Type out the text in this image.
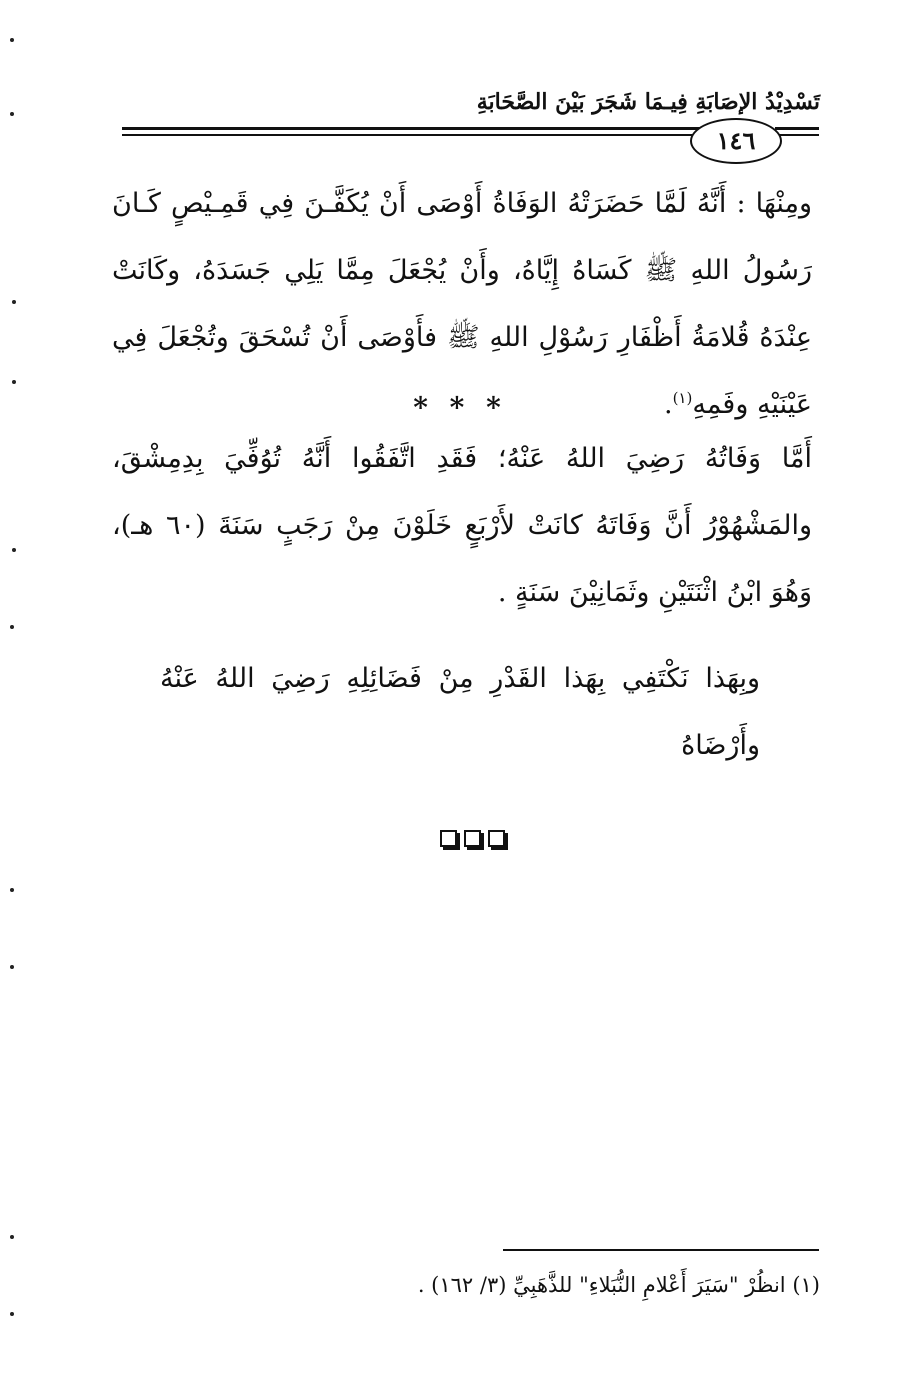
تَسْدِيْدُ الإصَابَةِ فِيـمَا شَجَرَ بَيْنَ الصَّحَابَةِ
١٤٦
ومِنْهَا : أَنَّهُ لَمَّا حَضَرَتْهُ الوَفَاةُ أَوْصَى أَنْ يُكَفَّـنَ فِي قَمِـيْصٍ كَـانَ رَسُولُ اللهِ ﷺ كَسَاهُ إِيَّاهُ، وأَنْ يُجْعَلَ مِمَّا يَلِي جَسَدَهُ، وكَانَتْ عِنْدَهُ قُلامَةُ أَظْفَارِ رَسُوْلِ اللهِ ﷺ فأَوْصَى أَنْ تُسْحَقَ وتُجْعَلَ فِي عَيْنَيْهِ وفَمِهِ$^{(١)}$.
* * *
أَمَّا وَفَاتُهُ رَضِيَ اللهُ عَنْهُ؛ فَقَدِ اتَّفَقُوا أَنَّهُ تُوُفِّيَ بِدِمِشْقَ، والمَشْهُوْرُ أَنَّ وَفَاتَهُ كانَتْ لأَرْبَعٍ خَلَوْنَ مِنْ رَجَبٍ سَنَةَ (٦٠ هـ)، وَهُوَ ابْنُ اثْنَتَيْنِ وثَمَانِيْنَ سَنَةٍ .
وبِهَذا نَكْتَفِي بِهَذا القَدْرِ مِنْ فَضَائِلِهِ رَضِيَ اللهُ عَنْهُ وأَرْضَاهُ
(١) انظُرْ "سَيَرَ أَعْلامِ النُّبَلاءِ" للذَّهَبِيِّ (٣/ ١٦٢) .
